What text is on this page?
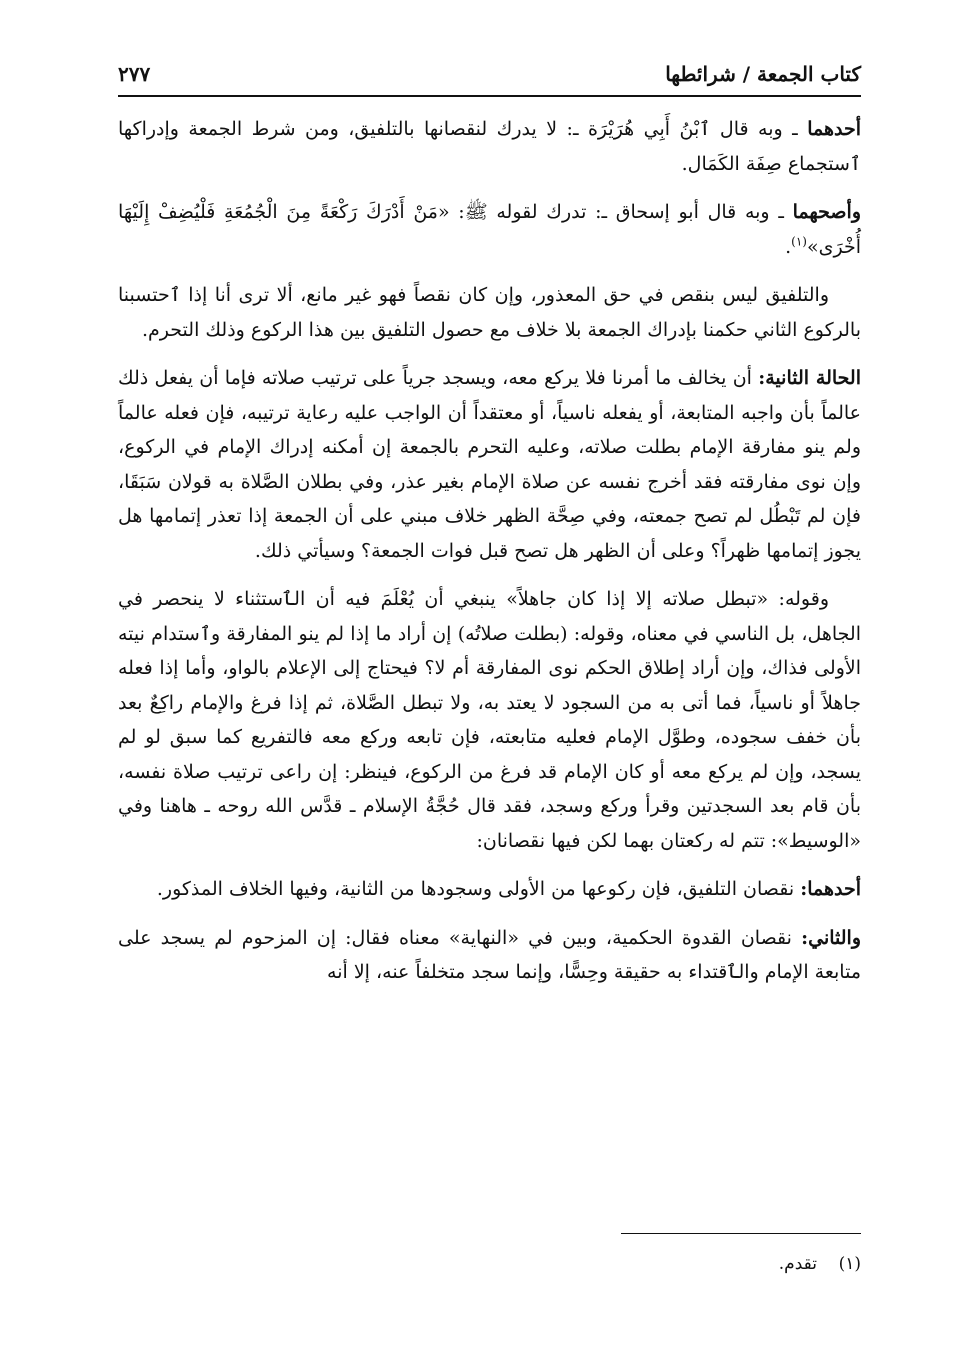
كتاب الجمعة / شرائطها
٢٧٧

أحدهما ـ وبه قال ٱبْنُ أَبِي هُرَيْرَة ـ: لا يدرك لنقصانها بالتلفيق، ومن شرط الجمعة وإدراكها ٱستجماع صِفَة الكَمَال.

وأصحهما ـ وبه قال أبو إسحاق ـ: تدرك لقوله ﷺ: «مَنْ أَدْرَكَ رَكْعَةً مِنَ الْجُمُعَةِ فَلْيُضِفْ إِلَيْهَا أُخْرَى»$^{(١)}$.

والتلفيق ليس بنقص في حق المعذور، وإن كان نقصاً فهو غير مانع، ألا ترى أنا إذا ٱحتسبنا بالركوع الثاني حكمنا بإدراك الجمعة بلا خلاف مع حصول التلفيق بين هذا الركوع وذلك التحرم.

الحالة الثانية: أن يخالف ما أمرنا فلا يركع معه، ويسجد جرياً على ترتيب صلاته فإما أن يفعل ذلك عالماً بأن واجبه المتابعة، أو يفعله ناسياً، أو معتقداً أن الواجب عليه رعاية ترتيبه، فإن فعله عالماً ولم ينو مفارقة الإمام بطلت صلاته، وعليه التحرم بالجمعة إن أمكنه إدراك الإمام في الركوع، وإن نوى مفارقته فقد أخرج نفسه عن صلاة الإمام بغير عذر، وفي بطلان الصَّلاة به قولان سَبَقَا، فإن لم تَبْطُل لم تصح جمعته، وفي صِحَّة الظهر خلاف مبني على أن الجمعة إذا تعذر إتمامها هل يجوز إتمامها ظهراً؟ وعلى أن الظهر هل تصح قبل فوات الجمعة؟ وسيأتي ذلك.

وقوله: «تبطل صلاته إلا إذا كان جاهلاً» ينبغي أن يُعْلَمَ فيه أن الٱستثناء لا ينحصر في الجاهل، بل الناسي في معناه، وقوله: (بطلت صلاتُه) إن أراد ما إذا لم ينو المفارقة وٱستدام نيته الأولى فذاك، وإن أراد إطلاق الحكم نوى المفارقة أم لا؟ فيحتاج إلى الإعلام بالواو، وأما إذا فعله جاهلاً أو ناسياً، فما أتى به من السجود لا يعتد به، ولا تبطل الصَّلاة، ثم إذا فرغ والإمام راكِعٌ بعد بأن خفف سجوده، وطوَّل الإمام فعليه متابعته، فإن تابعه وركع معه فالتفريع كما سبق لو لم يسجد، وإن لم يركع معه أو كان الإمام قد فرغ من الركوع، فينظر: إن راعى ترتيب صلاة نفسه، بأن قام بعد السجدتين وقرأ وركع وسجد، فقد قال حُجَّةُ الإسلام ـ قدَّس الله روحه ـ هاهنا وفي «الوسيط»: تتم له ركعتان بهما لكن فيها نقصانان:

أحدهما: نقصان التلفيق، فإن ركوعها من الأولى وسجودها من الثانية، وفيها الخلاف المذكور.

والثاني: نقصان القدوة الحكمية، وبين في «النهاية» معناه فقال: إن المزحوم لم يسجد على متابعة الإمام والٱقتداء به حقيقة وحِسًّا، وإنما سجد متخلفاً عنه، إلا أنه

(١)    تقدم.
